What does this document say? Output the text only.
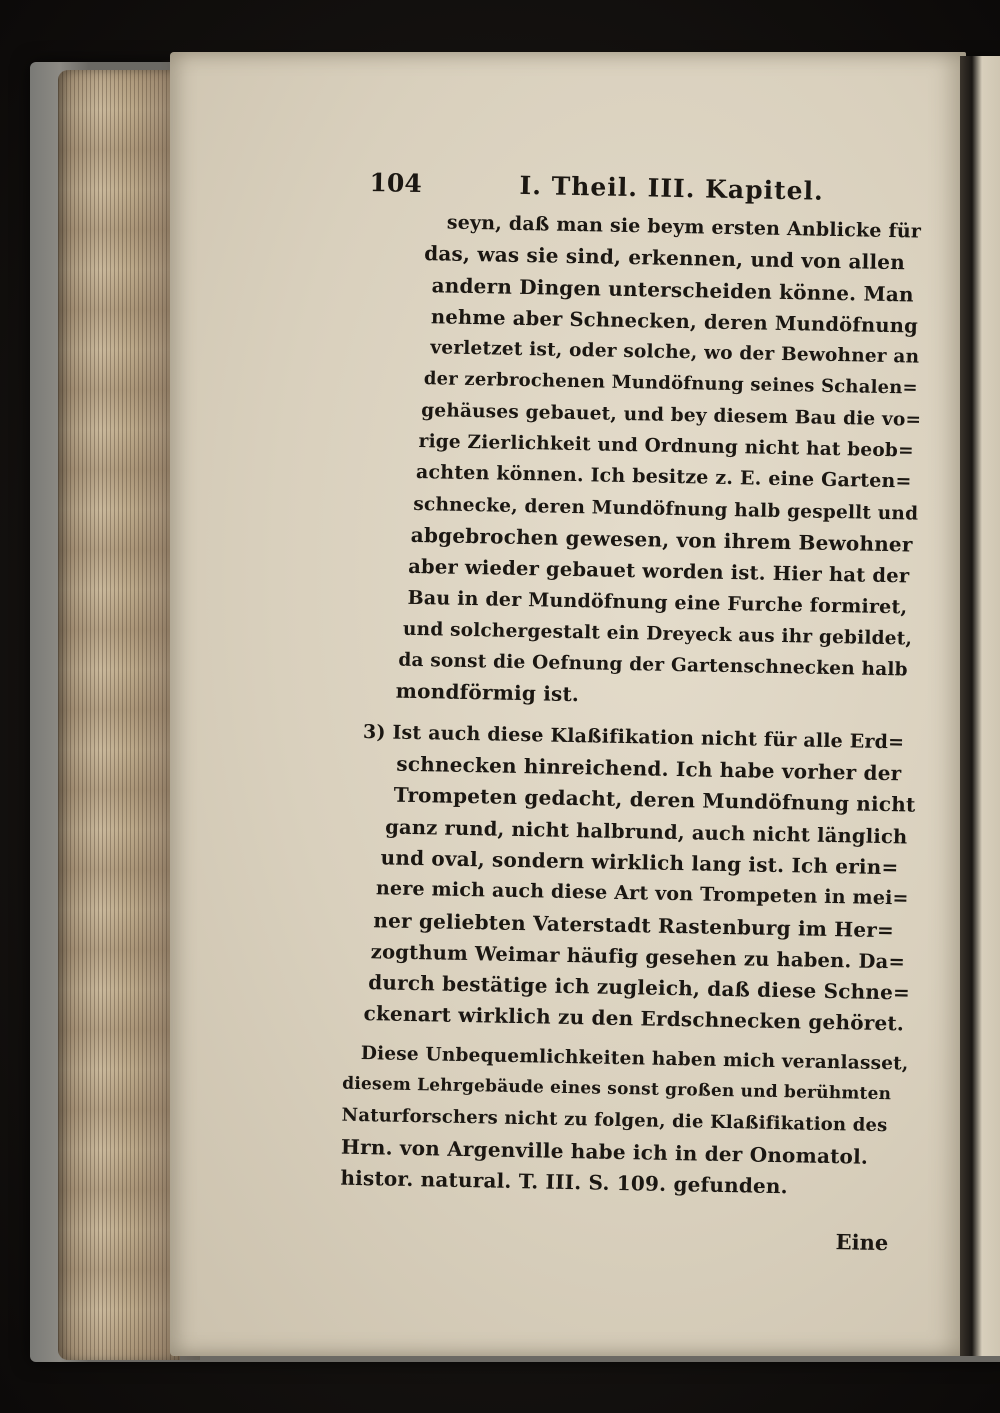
104	I. Theil. III. Kapitel.
seyn, daß man sie beym ersten Anblicke für
das, was sie sind, erkennen, und von allen
andern Dingen unterscheiden könne. Man
nehme aber Schnecken, deren Mundöfnung
verletzet ist, oder solche, wo der Bewohner an
der zerbrochenen Mundöfnung seines Schalen=
gehäuses gebauet, und bey diesem Bau die vo=
rige Zierlichkeit und Ordnung nicht hat beob=
achten können. Ich besitze z. E. eine Garten=
schnecke, deren Mundöfnung halb gespellt und
abgebrochen gewesen, von ihrem Bewohner
aber wieder gebauet worden ist. Hier hat der
Bau in der Mundöfnung eine Furche formiret,
und solchergestalt ein Dreyeck aus ihr gebildet,
da sonst die Oefnung der Gartenschnecken halb
mondförmig ist.
3) Ist auch diese Klaßifikation nicht für alle Erd=
schnecken hinreichend. Ich habe vorher der
Trompeten gedacht, deren Mundöfnung nicht
ganz rund, nicht halbrund, auch nicht länglich
und oval, sondern wirklich lang ist. Ich erin=
nere mich auch diese Art von Trompeten in mei=
ner geliebten Vaterstadt Rastenburg im Her=
zogthum Weimar häufig gesehen zu haben. Da=
durch bestätige ich zugleich, daß diese Schne=
ckenart wirklich zu den Erdschnecken gehöret.
Diese Unbequemlichkeiten haben mich veranlasset,
diesem Lehrgebäude eines sonst großen und berühmten
Naturforschers nicht zu folgen, die Klaßifikation des
Hrn. von Argenville habe ich in der Onomatol.
histor. natural. T. III. S. 109. gefunden.
Eine
